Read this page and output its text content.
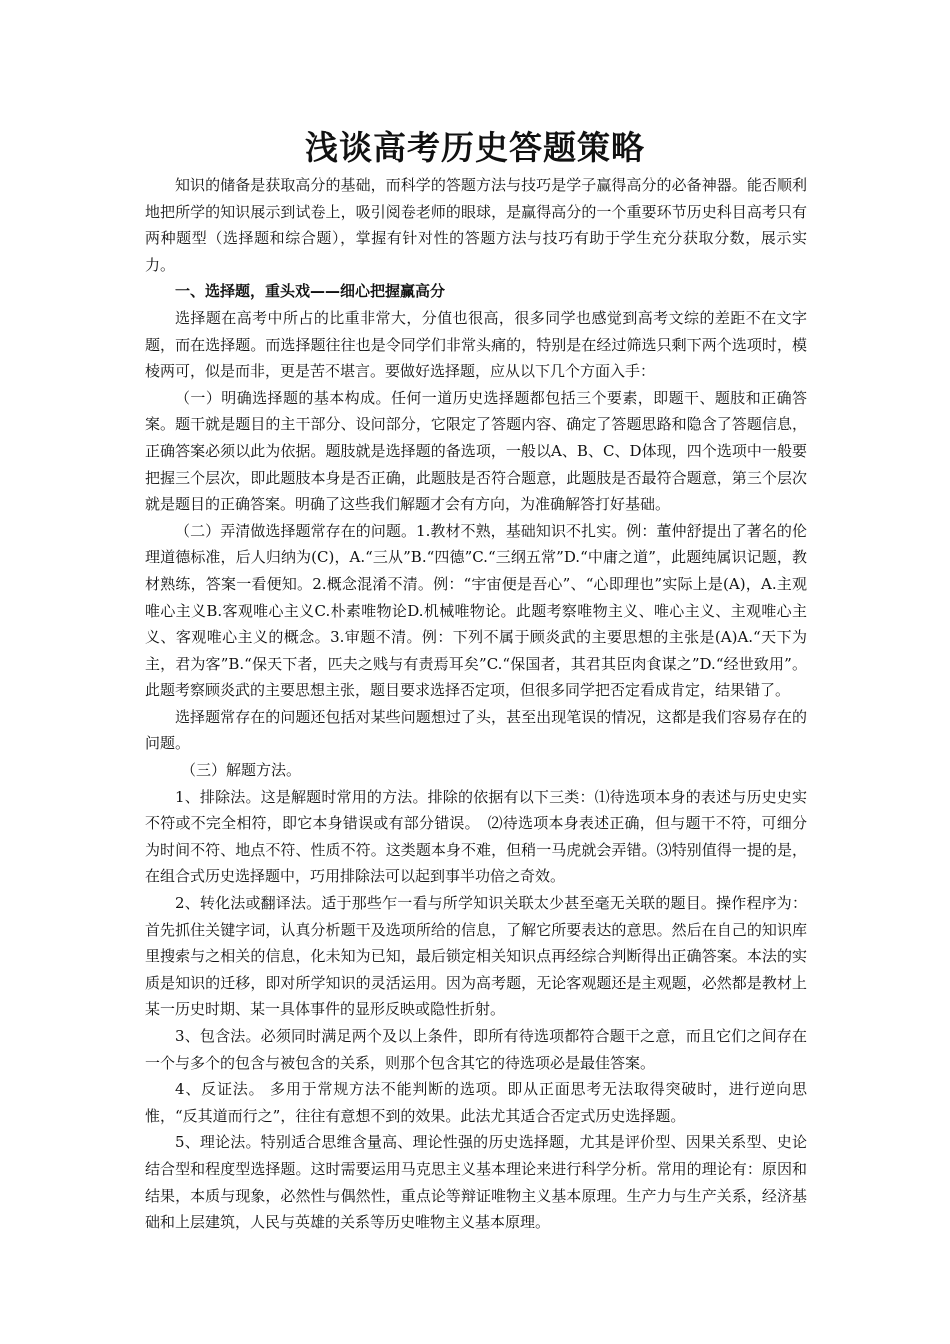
浅谈高考历史答题策略

知识的储备是获取高分的基础，而科学的答题方法与技巧是学子赢得高分的必备神器。能否顺利地把所学的知识展示到试卷上，吸引阅卷老师的眼球，是赢得高分的一个重要环节历史科目高考只有两种题型（选择题和综合题），掌握有针对性的答题方法与技巧有助于学生充分获取分数，展示实力。

一、选择题，重头戏——细心把握赢高分

选择题在高考中所占的比重非常大，分值也很高，很多同学也感觉到高考文综的差距不在文字题，而在选择题。而选择题往往也是令同学们非常头痛的，特别是在经过筛选只剩下两个选项时，模棱两可，似是而非，更是苦不堪言。要做好选择题，应从以下几个方面入手：

（一）明确选择题的基本构成。任何一道历史选择题都包括三个要素，即题干、题肢和正确答案。题干就是题目的主干部分、设问部分，它限定了答题内容、确定了答题思路和隐含了答题信息，正确答案必须以此为依据。题肢就是选择题的备选项，一般以A、B、C、D体现，四个选项中一般要把握三个层次，即此题肢本身是否正确，此题肢是否符合题意，此题肢是否最符合题意，第三个层次就是题目的正确答案。明确了这些我们解题才会有方向，为准确解答打好基础。

（二）弄清做选择题常存在的问题。1.教材不熟，基础知识不扎实。例：董仲舒提出了著名的伦理道德标准，后人归纳为(C)，A.“三从”B.“四德”C.“三纲五常”D.“中庸之道”，此题纯属识记题，教材熟练，答案一看便知。2.概念混淆不清。例：“宇宙便是吾心”、“心即理也”实际上是(A)，A.主观唯心主义B.客观唯心主义C.朴素唯物论D.机械唯物论。此题考察唯物主义、唯心主义、主观唯心主义、客观唯心主义的概念。3.审题不清。例：下列不属于顾炎武的主要思想的主张是(A)A.“天下为主，君为客”B.“保天下者，匹夫之贱与有责焉耳矣”C.“保国者，其君其臣肉食谋之”D.“经世致用”。此题考察顾炎武的主要思想主张，题目要求选择否定项，但很多同学把否定看成肯定，结果错了。

选择题常存在的问题还包括对某些问题想过了头，甚至出现笔误的情况，这都是我们容易存在的问题。

（三）解题方法。

1、排除法。这是解题时常用的方法。排除的依据有以下三类：⑴待选项本身的表述与历史史实不符或不完全相符，即它本身错误或有部分错误。　⑵待选项本身表述正确，但与题干不符，可细分为时间不符、地点不符、性质不符。这类题本身不难，但稍一马虎就会弄错。⑶特别值得一提的是，在组合式历史选择题中，巧用排除法可以起到事半功倍之奇效。

2、转化法或翻译法。适于那些乍一看与所学知识关联太少甚至毫无关联的题目。操作程序为：首先抓住关键字词，认真分析题干及选项所给的信息，了解它所要表达的意思。然后在自己的知识库里搜索与之相关的信息，化未知为已知，最后锁定相关知识点再经综合判断得出正确答案。本法的实质是知识的迁移，即对所学知识的灵活运用。因为高考题，无论客观题还是主观题，必然都是教材上某一历史时期、某一具体事件的显形反映或隐性折射。

3、包含法。必须同时满足两个及以上条件，即所有待选项都符合题干之意，而且它们之间存在一个与多个的包含与被包含的关系，则那个包含其它的待选项必是最佳答案。

4、反证法。 多用于常规方法不能判断的选项。即从正面思考无法取得突破时，进行逆向思惟，“反其道而行之”，往往有意想不到的效果。此法尤其适合否定式历史选择题。

5、理论法。特别适合思维含量高、理论性强的历史选择题，尤其是评价型、因果关系型、史论结合型和程度型选择题。这时需要运用马克思主义基本理论来进行科学分析。常用的理论有：原因和结果，本质与现象，必然性与偶然性，重点论等辩证唯物主义基本原理。生产力与生产关系，经济基础和上层建筑，人民与英雄的关系等历史唯物主义基本原理。
